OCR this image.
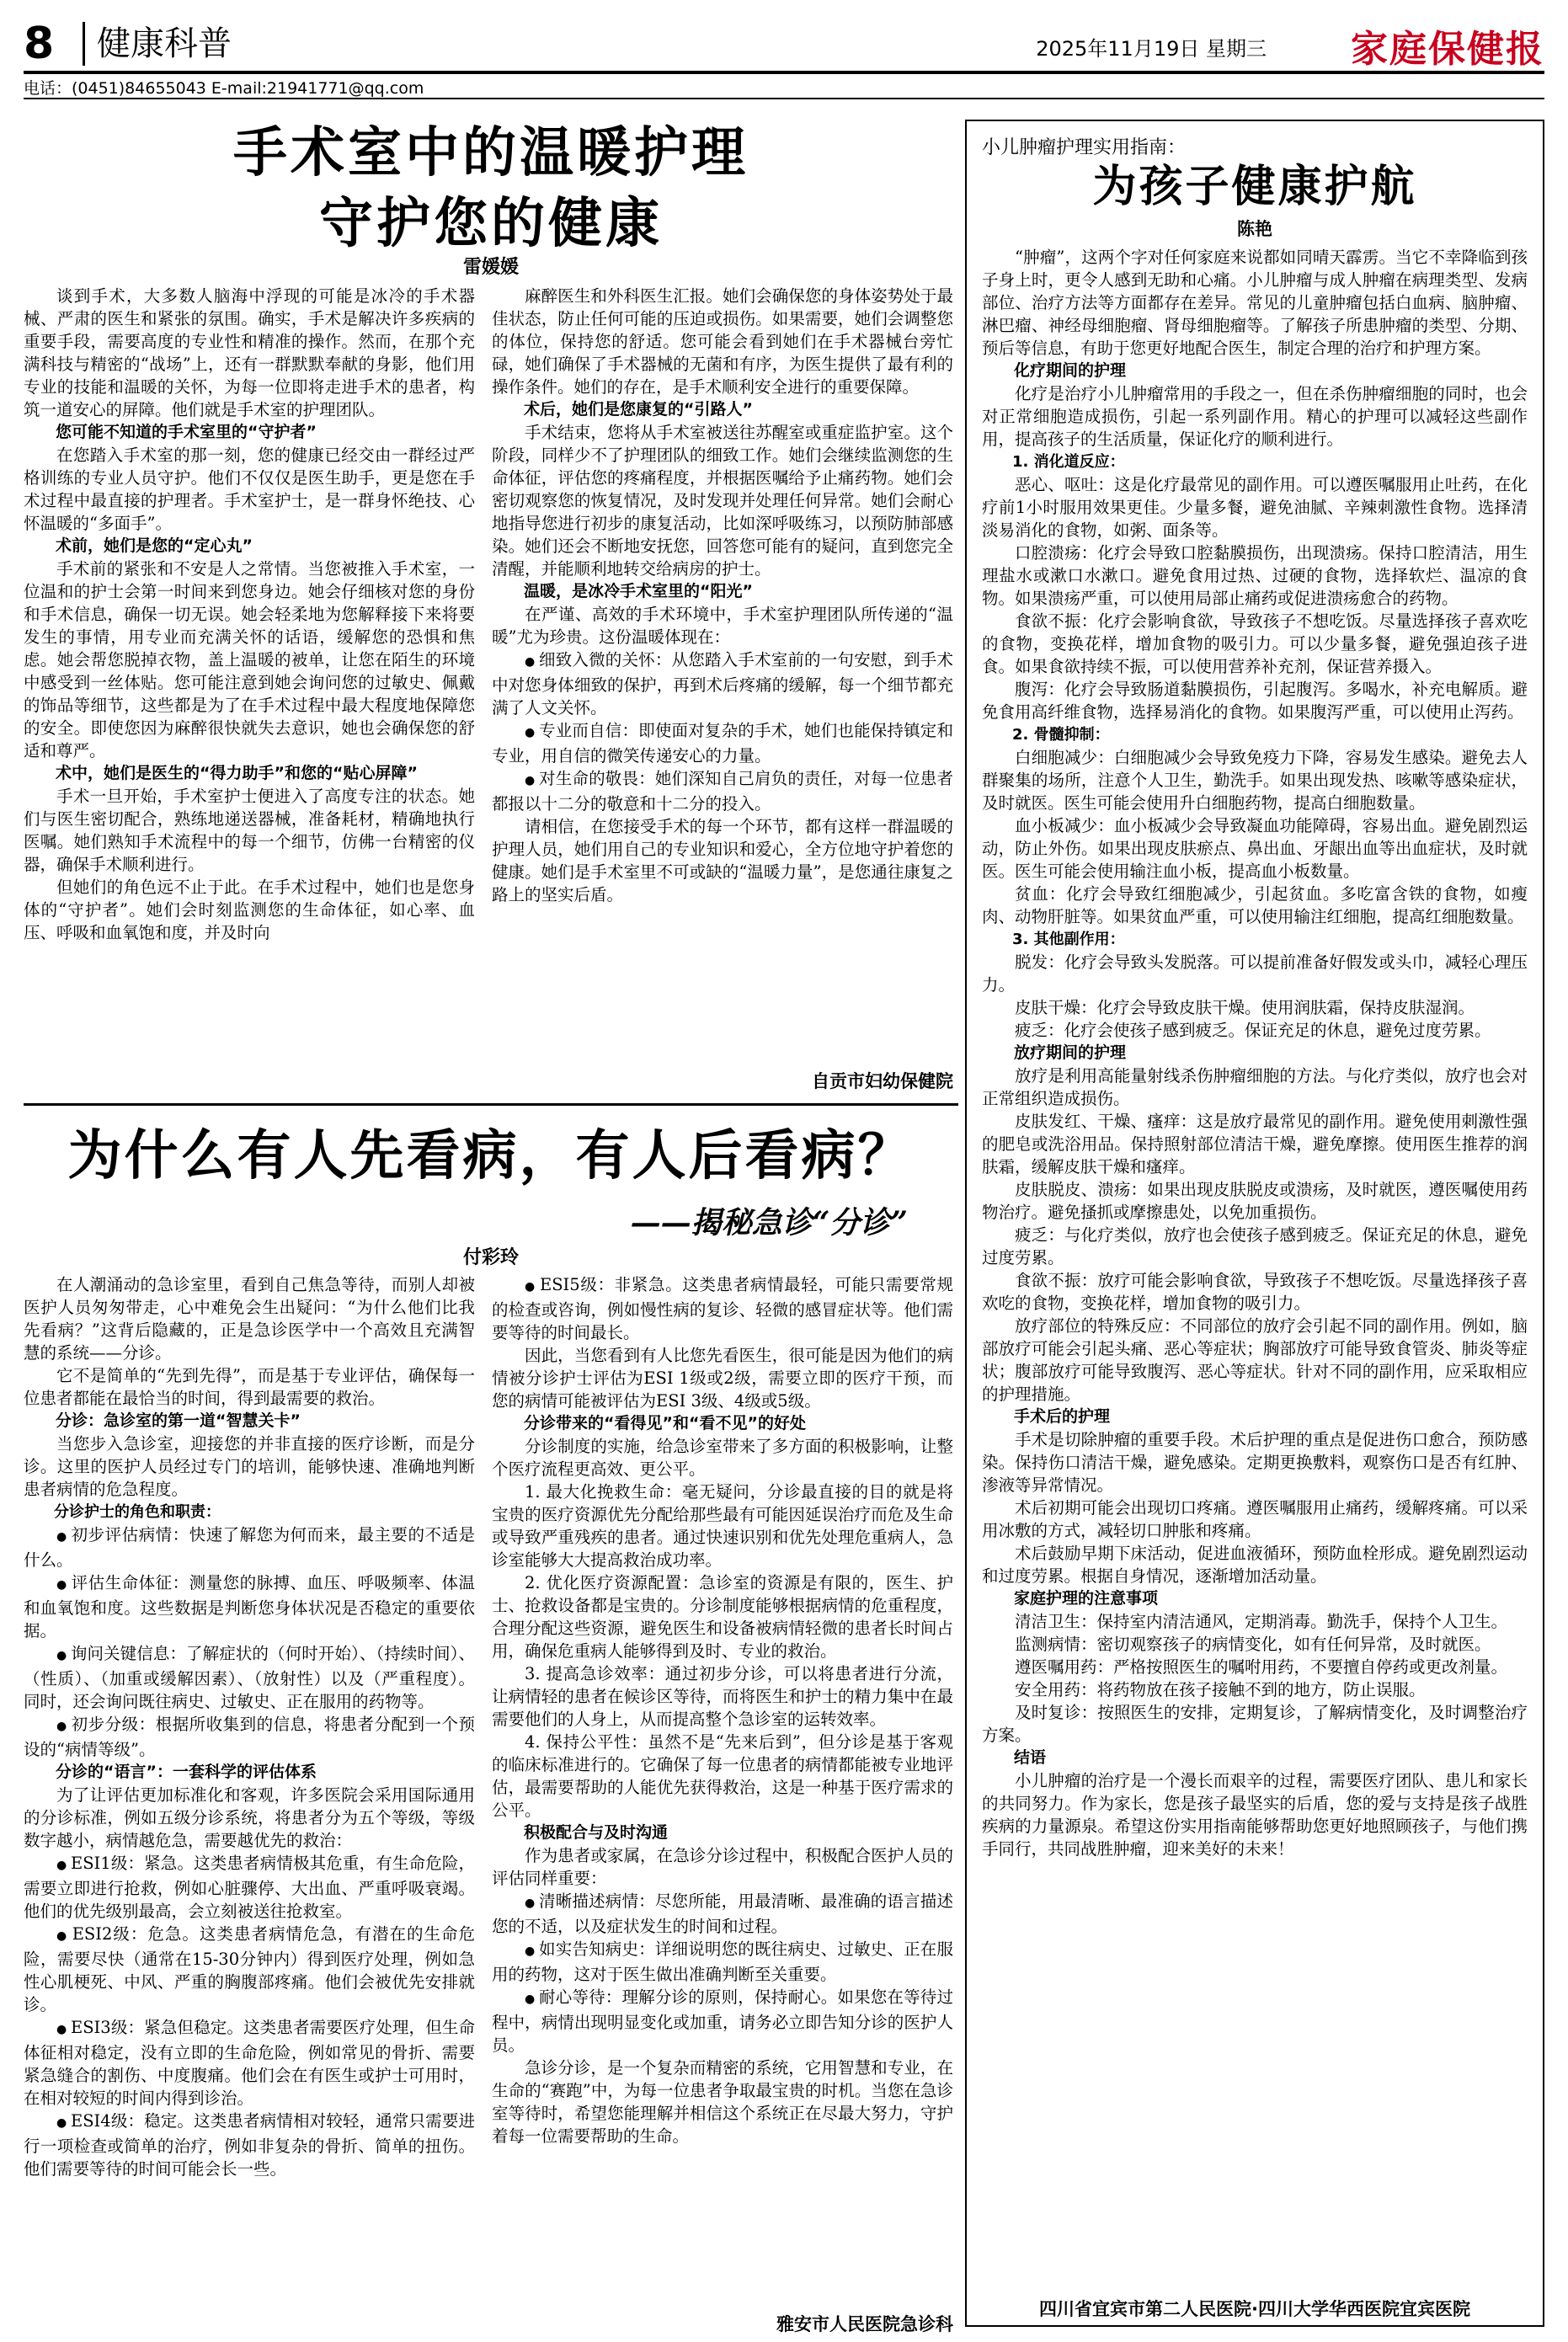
8	健康科普	2025年11月19日 星期三 家庭保健报
电话：(0451)84655043 E-mail:21941771@qq.com
手术室中的温暖护理
守护您的健康
雷媛媛

谈到手术，大多数人脑海中浮现的可能是冰冷的手术器械、严肃的医生和紧张的氛围。确实，手术是解决许多疾病的重要手段，需要高度的专业性和精准的操作。然而，在那个充满科技与精密的“战场”上，还有一群默默奉献的身影，他们用专业的技能和温暖的关怀，为每一位即将走进手术的患者，构筑一道安心的屏障。他们就是手术室的护理团队。

您可能不知道的手术室里的“守护者”

在您踏入手术室的那一刻，您的健康已经交由一群经过严格训练的专业人员守护。他们不仅仅是医生助手，更是您在手术过程中最直接的护理者。手术室护士，是一群身怀绝技、心怀温暖的“多面手”。

术前，她们是您的“定心丸”

手术前的紧张和不安是人之常情。当您被推入手术室，一位温和的护士会第一时间来到您身边。她会仔细核对您的身份和手术信息，确保一切无误。她会轻柔地为您解释接下来将要发生的事情，用专业而充满关怀的话语，缓解您的恐惧和焦虑。她会帮您脱掉衣物，盖上温暖的被单，让您在陌生的环境中感受到一丝体贴。您可能注意到她会询问您的过敏史、佩戴的饰品等细节，这些都是为了在手术过程中最大程度地保障您的安全。即使您因为麻醉很快就失去意识，她也会确保您的舒适和尊严。

术中，她们是医生的“得力助手”和您的“贴心屏障”

手术一旦开始，手术室护士便进入了高度专注的状态。她们与医生密切配合，熟练地递送器械，准备耗材，精确地执行医嘱。她们熟知手术流程中的每一个细节，仿佛一台精密的仪器，确保手术顺利进行。

但她们的角色远不止于此。在手术过程中，她们也是您身体的“守护者”。她们会时刻监测您的生命体征，如心率、血压、呼吸和血氧饱和度，并及时向

麻醉医生和外科医生汇报。她们会确保您的身体姿势处于最佳状态，防止任何可能的压迫或损伤。如果需要，她们会调整您的体位，保持您的舒适。您可能会看到她们在手术器械台旁忙碌，她们确保了手术器械的无菌和有序，为医生提供了最有利的操作条件。她们的存在，是手术顺利安全进行的重要保障。

术后，她们是您康复的“引路人”

手术结束，您将从手术室被送往苏醒室或重症监护室。这个阶段，同样少不了护理团队的细致工作。她们会继续监测您的生命体征，评估您的疼痛程度，并根据医嘱给予止痛药物。她们会密切观察您的恢复情况，及时发现并处理任何异常。她们会耐心地指导您进行初步的康复活动，比如深呼吸练习，以预防肺部感染。她们还会不断地安抚您，回答您可能有的疑问，直到您完全清醒，并能顺利地转交给病房的护士。

温暖，是冰冷手术室里的“阳光”

在严谨、高效的手术环境中，手术室护理团队所传递的“温暖”尤为珍贵。这份温暖体现在：

● 细致入微的关怀：从您踏入手术室前的一句安慰，到手术中对您身体细致的保护，再到术后疼痛的缓解，每一个细节都充满了人文关怀。

● 专业而自信：即使面对复杂的手术，她们也能保持镇定和专业，用自信的微笑传递安心的力量。

● 对生命的敬畏：她们深知自己肩负的责任，对每一位患者都报以十二分的敬意和十二分的投入。

请相信，在您接受手术的每一个环节，都有这样一群温暖的护理人员，她们用自己的专业知识和爱心，全方位地守护着您的健康。她们是手术室里不可或缺的“温暖力量”，是您通往康复之路上的坚实后盾。

自贡市妇幼保健院
为什么有人先看病，有人后看病？
——揭秘急诊“分诊”
付彩玲

在人潮涌动的急诊室里，看到自己焦急等待，而别人却被医护人员匆匆带走，心中难免会生出疑问：“为什么他们比我先看病？”这背后隐藏的，正是急诊医学中一个高效且充满智慧的系统——分诊。

它不是简单的“先到先得”，而是基于专业评估，确保每一位患者都能在最恰当的时间，得到最需要的救治。

分诊：急诊室的第一道“智慧关卡”

当您步入急诊室，迎接您的并非直接的医疗诊断，而是分诊。这里的医护人员经过专门的培训，能够快速、准确地判断患者病情的危急程度。

分诊护士的角色和职责：

● 初步评估病情：快速了解您为何而来，最主要的不适是什么。

● 评估生命体征：测量您的脉搏、血压、呼吸频率、体温和血氧饱和度。这些数据是判断您身体状况是否稳定的重要依据。

● 询问关键信息：了解症状的（何时开始）、（持续时间）、（性质）、（加重或缓解因素）、（放射性）以及（严重程度）。同时，还会询问既往病史、过敏史、正在服用的药物等。

● 初步分级：根据所收集到的信息，将患者分配到一个预设的“病情等级”。

分诊的“语言”：一套科学的评估体系

为了让评估更加标准化和客观，许多医院会采用国际通用的分诊标准，例如五级分诊系统，将患者分为五个等级，等级数字越小，病情越危急，需要越优先的救治：

● ESI1级：紧急。这类患者病情极其危重，有生命危险，需要立即进行抢救，例如心脏骤停、大出血、严重呼吸衰竭。他们的优先级别最高，会立刻被送往抢救室。

● ESI2级：危急。这类患者病情危急，有潜在的生命危险，需要尽快（通常在15-30分钟内）得到医疗处理，例如急性心肌梗死、中风、严重的胸腹部疼痛。他们会被优先安排就诊。

● ESI3级：紧急但稳定。这类患者需要医疗处理，但生命体征相对稳定，没有立即的生命危险，例如常见的骨折、需要紧急缝合的割伤、中度腹痛。他们会在有医生或护士可用时，在相对较短的时间内得到诊治。

● ESI4级：稳定。这类患者病情相对较轻，通常只需要进行一项检查或简单的治疗，例如非复杂的骨折、简单的扭伤。他们需要等待的时间可能会长一些。

● ESI5级：非紧急。这类患者病情最轻，可能只需要常规的检查或咨询，例如慢性病的复诊、轻微的感冒症状等。他们需要等待的时间最长。

因此，当您看到有人比您先看医生，很可能是因为他们的病情被分诊护士评估为ESI 1级或2级，需要立即的医疗干预，而您的病情可能被评估为ESI 3级、4级或5级。

分诊带来的“看得见”和“看不见”的好处

分诊制度的实施，给急诊室带来了多方面的积极影响，让整个医疗流程更高效、更公平。

1. 最大化挽救生命：毫无疑问，分诊最直接的目的就是将宝贵的医疗资源优先分配给那些最有可能因延误治疗而危及生命或导致严重残疾的患者。通过快速识别和优先处理危重病人，急诊室能够大大提高救治成功率。

2. 优化医疗资源配置：急诊室的资源是有限的，医生、护士、抢救设备都是宝贵的。分诊制度能够根据病情的危重程度，合理分配这些资源，避免医生和设备被病情轻微的患者长时间占用，确保危重病人能够得到及时、专业的救治。

3. 提高急诊效率：通过初步分诊，可以将患者进行分流，让病情轻的患者在候诊区等待，而将医生和护士的精力集中在最需要他们的人身上，从而提高整个急诊室的运转效率。

4. 保持公平性：虽然不是“先来后到”，但分诊是基于客观的临床标准进行的。它确保了每一位患者的病情都能被专业地评估，最需要帮助的人能优先获得救治，这是一种基于医疗需求的公平。

积极配合与及时沟通

作为患者或家属，在急诊分诊过程中，积极配合医护人员的评估同样重要：

● 清晰描述病情：尽您所能，用最清晰、最准确的语言描述您的不适，以及症状发生的时间和过程。

● 如实告知病史：详细说明您的既往病史、过敏史、正在服用的药物，这对于医生做出准确判断至关重要。

● 耐心等待：理解分诊的原则，保持耐心。如果您在等待过程中，病情出现明显变化或加重，请务必立即告知分诊的医护人员。

急诊分诊，是一个复杂而精密的系统，它用智慧和专业，在生命的“赛跑”中，为每一位患者争取最宝贵的时机。当您在急诊室等待时，希望您能理解并相信这个系统正在尽最大努力，守护着每一位需要帮助的生命。

雅安市人民医院急诊科
小儿肿瘤护理实用指南：
为孩子健康护航
陈艳

“肿瘤”，这两个字对任何家庭来说都如同晴天霹雳。当它不幸降临到孩子身上时，更令人感到无助和心痛。小儿肿瘤与成人肿瘤在病理类型、发病部位、治疗方法等方面都存在差异。常见的儿童肿瘤包括白血病、脑肿瘤、淋巴瘤、神经母细胞瘤、肾母细胞瘤等。了解孩子所患肿瘤的类型、分期、预后等信息，有助于您更好地配合医生，制定合理的治疗和护理方案。

化疗期间的护理

化疗是治疗小儿肿瘤常用的手段之一，但在杀伤肿瘤细胞的同时，也会对正常细胞造成损伤，引起一系列副作用。精心的护理可以减轻这些副作用，提高孩子的生活质量，保证化疗的顺利进行。

1. 消化道反应：

恶心、呕吐：这是化疗最常见的副作用。可以遵医嘱服用止吐药，在化疗前1小时服用效果更佳。少量多餐，避免油腻、辛辣刺激性食物。选择清淡易消化的食物，如粥、面条等。

口腔溃疡：化疗会导致口腔黏膜损伤，出现溃疡。保持口腔清洁，用生理盐水或漱口水漱口。避免食用过热、过硬的食物，选择软烂、温凉的食物。如果溃疡严重，可以使用局部止痛药或促进溃疡愈合的药物。

食欲不振：化疗会影响食欲，导致孩子不想吃饭。尽量选择孩子喜欢吃的食物，变换花样，增加食物的吸引力。可以少量多餐，避免强迫孩子进食。如果食欲持续不振，可以使用营养补充剂，保证营养摄入。

腹泻：化疗会导致肠道黏膜损伤，引起腹泻。多喝水，补充电解质。避免食用高纤维食物，选择易消化的食物。如果腹泻严重，可以使用止泻药。

2. 骨髓抑制：

白细胞减少：白细胞减少会导致免疫力下降，容易发生感染。避免去人群聚集的场所，注意个人卫生，勤洗手。如果出现发热、咳嗽等感染症状，及时就医。医生可能会使用升白细胞药物，提高白细胞数量。

血小板减少：血小板减少会导致凝血功能障碍，容易出血。避免剧烈运动，防止外伤。如果出现皮肤瘀点、鼻出血、牙龈出血等出血症状，及时就医。医生可能会使用输注血小板，提高血小板数量。

贫血：化疗会导致红细胞减少，引起贫血。多吃富含铁的食物，如瘦肉、动物肝脏等。如果贫血严重，可以使用输注红细胞，提高红细胞数量。

3. 其他副作用：

脱发：化疗会导致头发脱落。可以提前准备好假发或头巾，减轻心理压力。

皮肤干燥：化疗会导致皮肤干燥。使用润肤霜，保持皮肤湿润。

疲乏：化疗会使孩子感到疲乏。保证充足的休息，避免过度劳累。

放疗期间的护理

放疗是利用高能量射线杀伤肿瘤细胞的方法。与化疗类似，放疗也会对正常组织造成损伤。

皮肤发红、干燥、瘙痒：这是放疗最常见的副作用。避免使用刺激性强的肥皂或洗浴用品。保持照射部位清洁干燥，避免摩擦。使用医生推荐的润肤霜，缓解皮肤干燥和瘙痒。

皮肤脱皮、溃疡：如果出现皮肤脱皮或溃疡，及时就医，遵医嘱使用药物治疗。避免搔抓或摩擦患处，以免加重损伤。

疲乏：与化疗类似，放疗也会使孩子感到疲乏。保证充足的休息，避免过度劳累。

食欲不振：放疗可能会影响食欲，导致孩子不想吃饭。尽量选择孩子喜欢吃的食物，变换花样，增加食物的吸引力。

放疗部位的特殊反应：不同部位的放疗会引起不同的副作用。例如，脑部放疗可能会引起头痛、恶心等症状；胸部放疗可能导致食管炎、肺炎等症状；腹部放疗可能导致腹泻、恶心等症状。针对不同的副作用，应采取相应的护理措施。

手术后的护理

手术是切除肿瘤的重要手段。术后护理的重点是促进伤口愈合，预防感染。保持伤口清洁干燥，避免感染。定期更换敷料，观察伤口是否有红肿、渗液等异常情况。

术后初期可能会出现切口疼痛。遵医嘱服用止痛药，缓解疼痛。可以采用冰敷的方式，减轻切口肿胀和疼痛。

术后鼓励早期下床活动，促进血液循环，预防血栓形成。避免剧烈运动和过度劳累。根据自身情况，逐渐增加活动量。

家庭护理的注意事项

清洁卫生：保持室内清洁通风，定期消毒。勤洗手，保持个人卫生。

监测病情：密切观察孩子的病情变化，如有任何异常，及时就医。

遵医嘱用药：严格按照医生的嘱咐用药，不要擅自停药或更改剂量。

安全用药：将药物放在孩子接触不到的地方，防止误服。

及时复诊：按照医生的安排，定期复诊，了解病情变化，及时调整治疗方案。

结语

小儿肿瘤的治疗是一个漫长而艰辛的过程，需要医疗团队、患儿和家长的共同努力。作为家长，您是孩子最坚实的后盾，您的爱与支持是孩子战胜疾病的力量源泉。希望这份实用指南能够帮助您更好地照顾孩子，与他们携手同行，共同战胜肿瘤，迎来美好的未来！

四川省宜宾市第二人民医院·四川大学华西医院宜宾医院
